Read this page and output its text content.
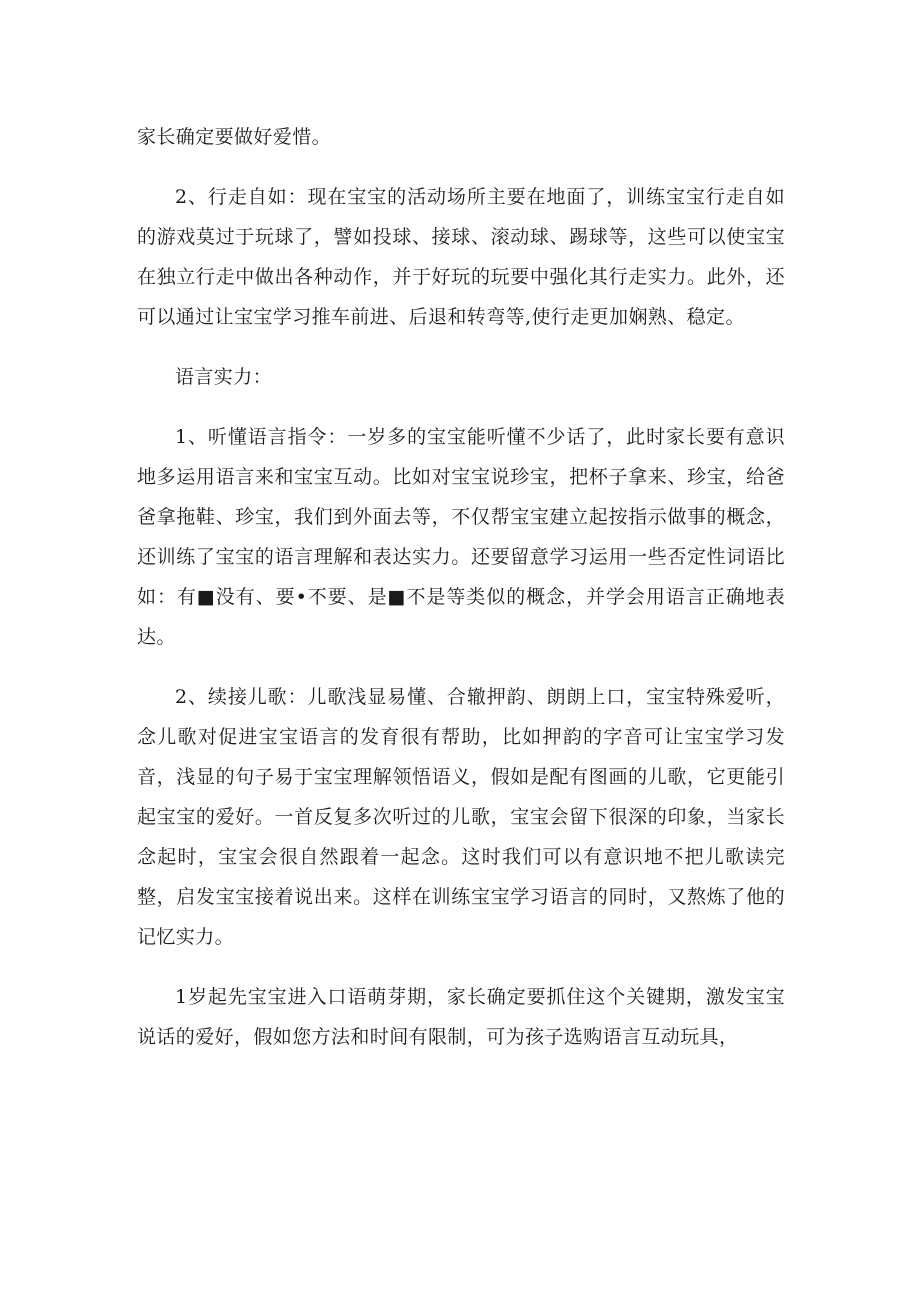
家长确定要做好爱惜。

2、行走自如：现在宝宝的活动场所主要在地面了，训练宝宝行走自如的游戏莫过于玩球了，譬如投球、接球、滚动球、踢球等，这些可以使宝宝在独立行走中做出各种动作，并于好玩的玩要中强化其行走实力。此外，还可以通过让宝宝学习推车前进、后退和转弯等,使行走更加娴熟、稳定。

语言实力：

1、听懂语言指令：一岁多的宝宝能听懂不少话了，此时家长要有意识地多运用语言来和宝宝互动。比如对宝宝说珍宝，把杯子拿来、珍宝，给爸爸拿拖鞋、珍宝，我们到外面去等，不仅帮宝宝建立起按指示做事的概念，还训练了宝宝的语言理解和表达实力。还要留意学习运用一些否定性词语比如：有■没有、要•不要、是■不是等类似的概念，并学会用语言正确地表达。

2、续接儿歌：儿歌浅显易懂、合辙押韵、朗朗上口，宝宝特殊爱听，念儿歌对促进宝宝语言的发育很有帮助，比如押韵的字音可让宝宝学习发音，浅显的句子易于宝宝理解领悟语义，假如是配有图画的儿歌，它更能引起宝宝的爱好。一首反复多次听过的儿歌，宝宝会留下很深的印象，当家长念起时，宝宝会很自然跟着一起念。这时我们可以有意识地不把儿歌读完整，启发宝宝接着说出来。这样在训练宝宝学习语言的同时，又熬炼了他的记忆实力。

1岁起先宝宝进入口语萌芽期，家长确定要抓住这个关键期，激发宝宝说话的爱好，假如您方法和时间有限制，可为孩子选购语言互动玩具，
